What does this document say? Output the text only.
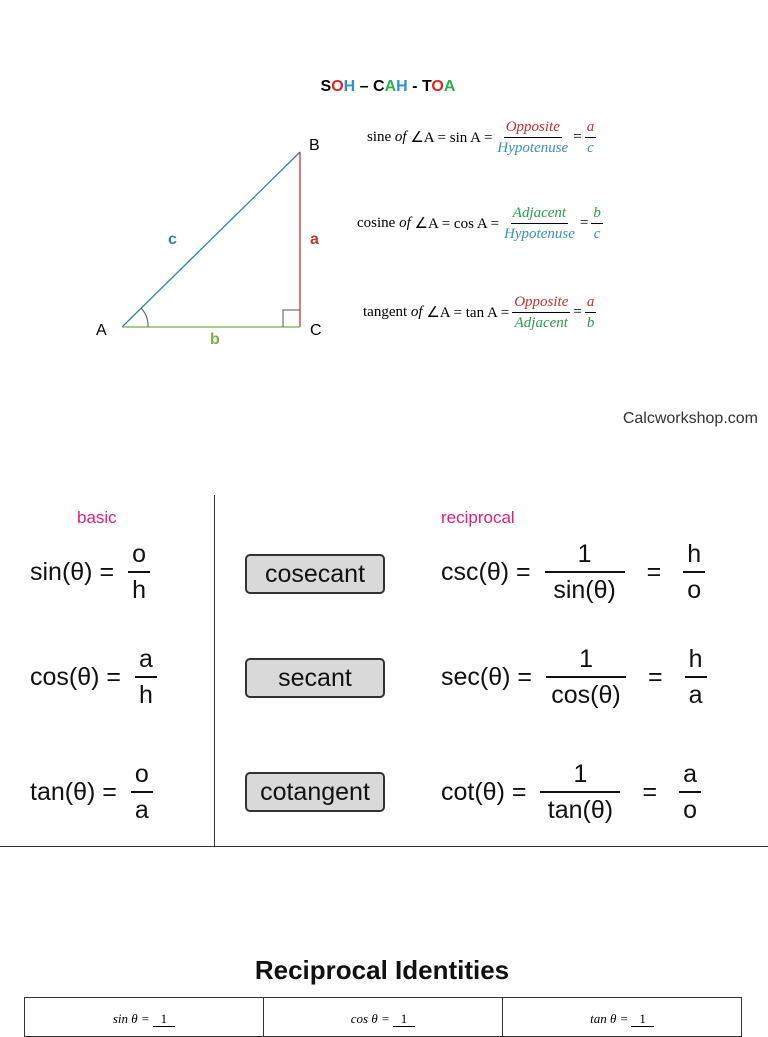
SOH – CAH - TOA
B
A	C
c	a
b
sine
of
∠A = $\sin A = \frac{\text{Opposite}}{\text{Hypotenuse}} = \frac{a}{c}$
cosine
of
∠A = $\cos A = \frac{\text{Adjacent}}{\text{Hypotenuse}} = \frac{b}{c}$
tangent
of
∠A = $\tan A = \frac{\text{Opposite}}{\text{Adjacent}} = \frac{a}{b}$
Calcworkshop.com
basic	reciprocal
$\sin(\theta) = \frac{o}{h}$	cosecant	$\csc(\theta) = \frac{1}{\sin(\theta)} = \frac{h}{o}$
$\cos(\theta) = \frac{a}{h}$	secant	$\sec(\theta) = \frac{1}{\cos(\theta)} = \frac{h}{a}$
$\tan(\theta) = \frac{o}{a}$	cotangent	$\cot(\theta) = \frac{1}{\tan(\theta)} = \frac{a}{o}$
Reciprocal Identities
sin θ = 1	cos θ = 1	tan θ = 1
